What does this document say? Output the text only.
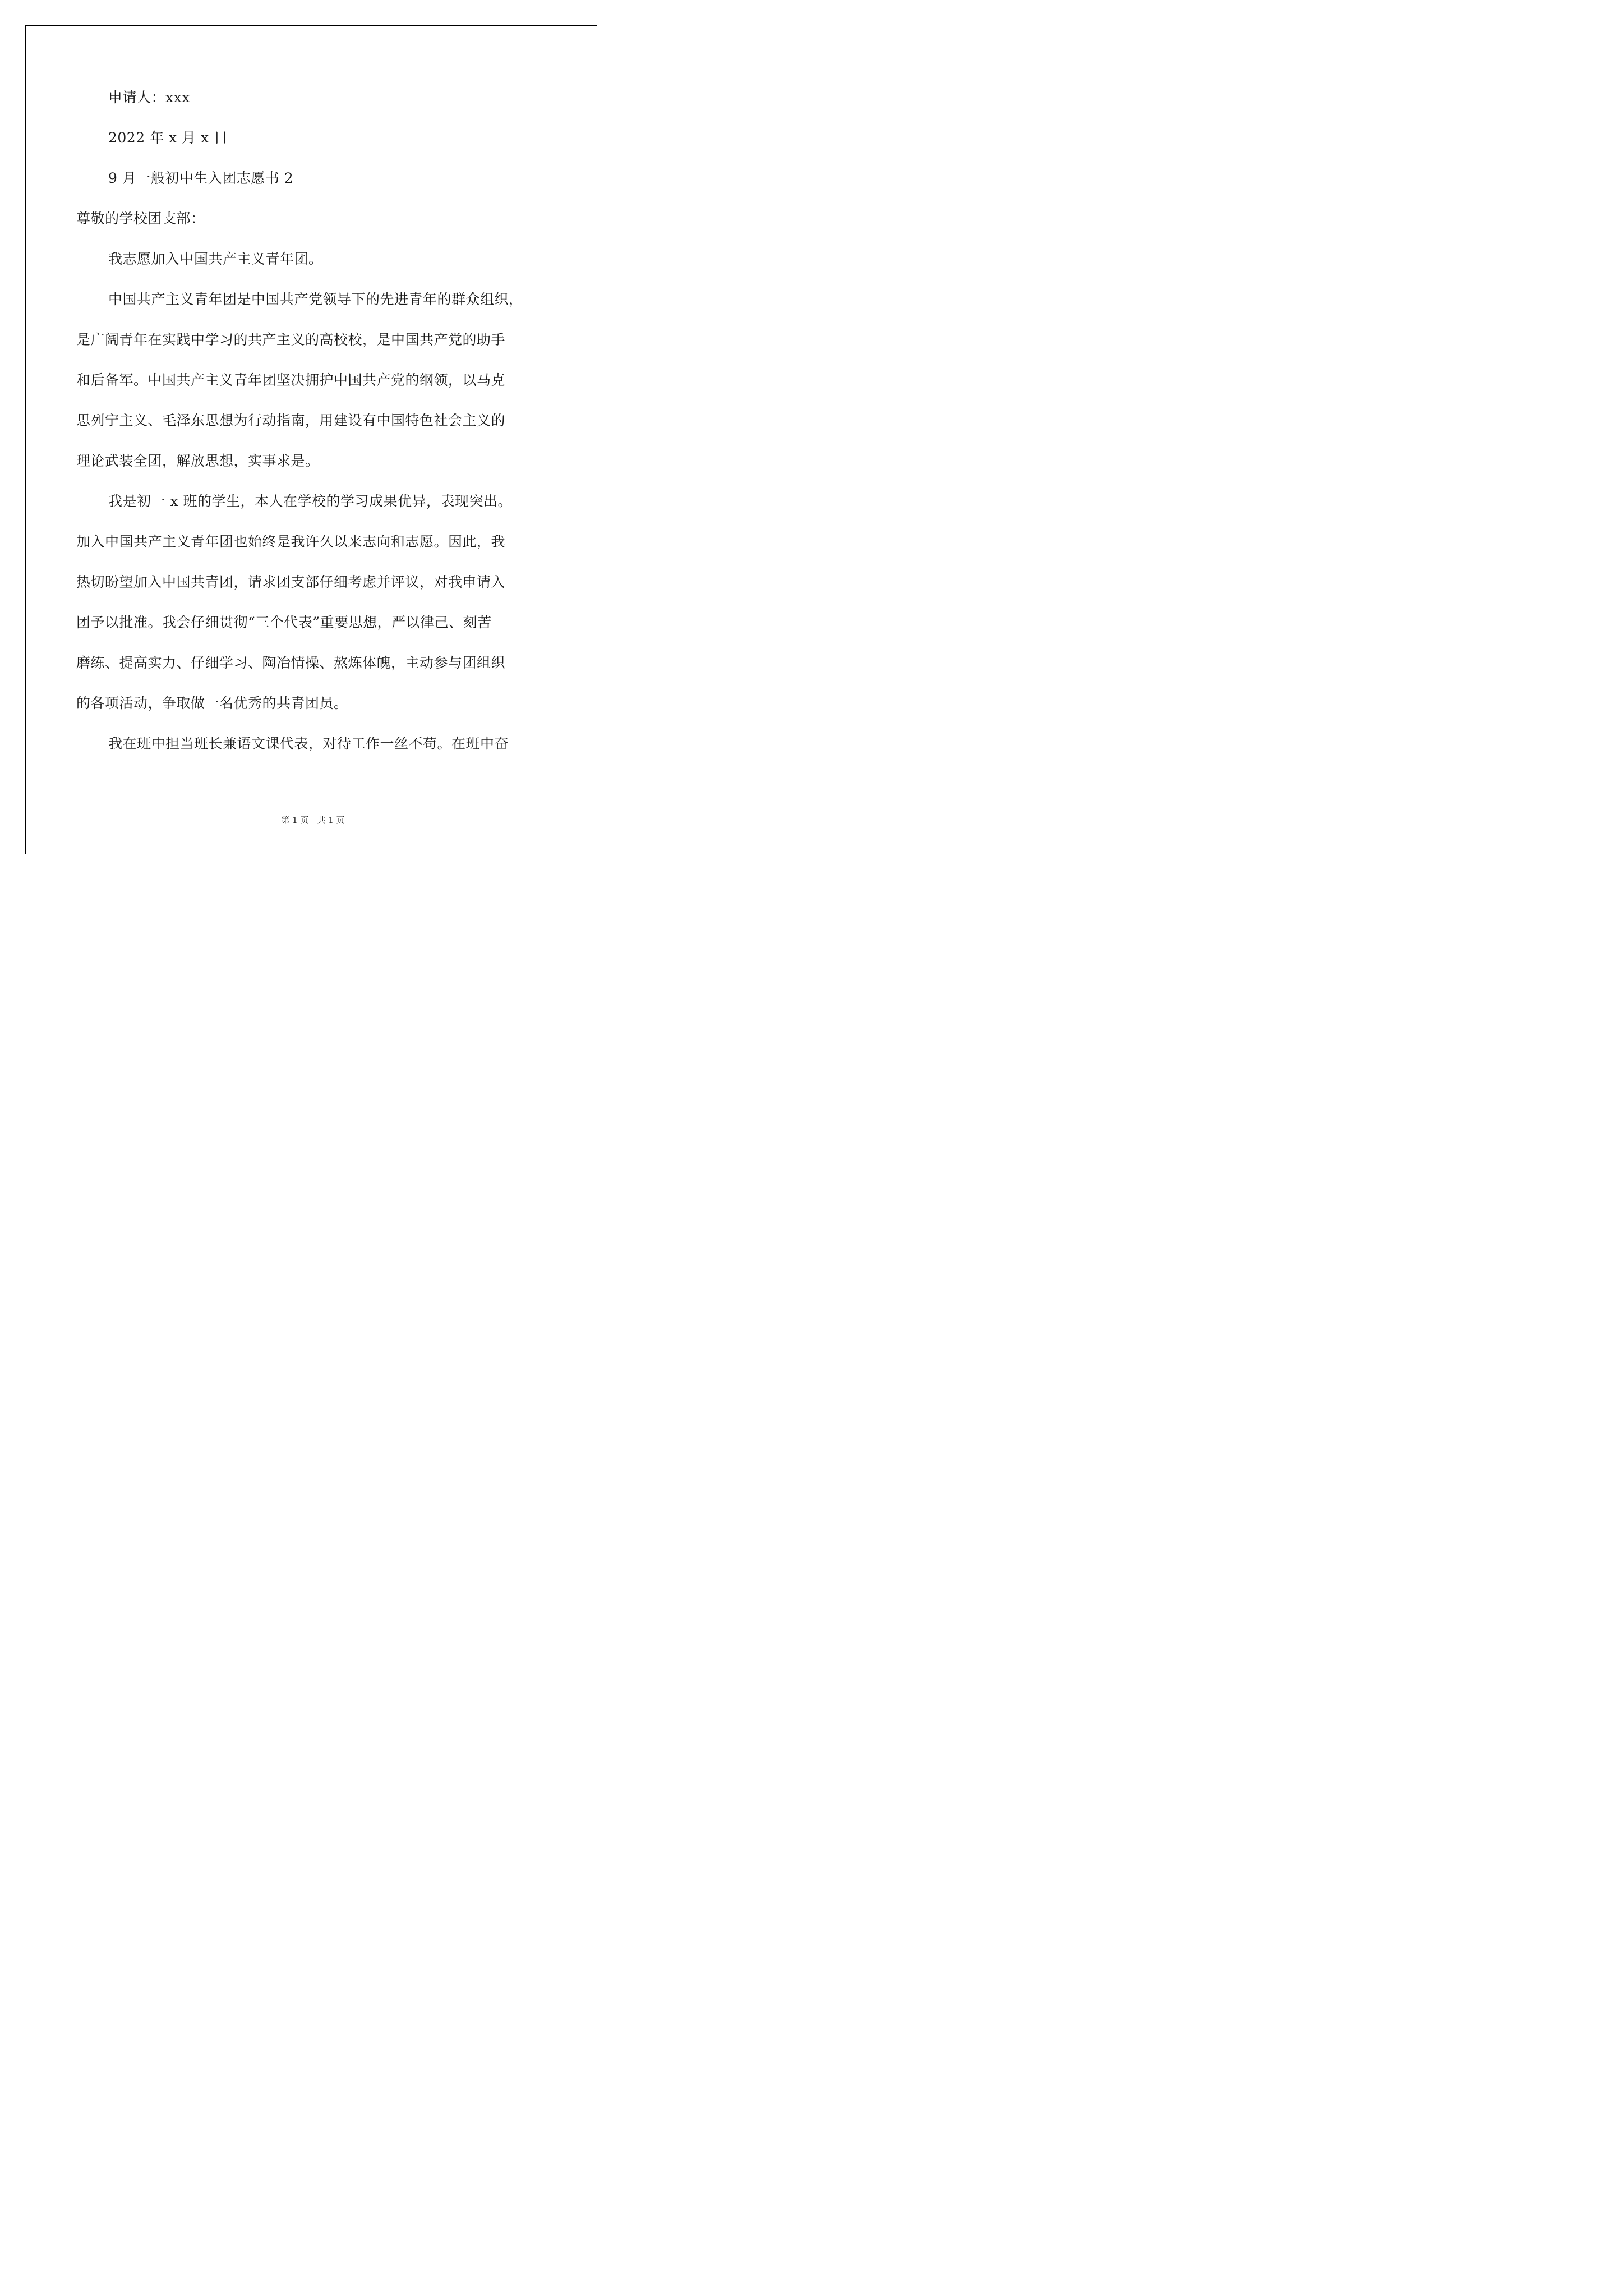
申请人：xxx

2022 年 x 月 x 日

9 月一般初中生入团志愿书 2

尊敬的学校团支部：

我志愿加入中国共产主义青年团。

中国共产主义青年团是中国共产党领导下的先进青年的群众组织，

是广阔青年在实践中学习的共产主义的高校校，是中国共产党的助手

和后备军。中国共产主义青年团坚决拥护中国共产党的纲领，以马克

思列宁主义、毛泽东思想为行动指南，用建设有中国特色社会主义的

理论武装全团，解放思想，实事求是。

我是初一 x 班的学生，本人在学校的学习成果优异，表现突出。

加入中国共产主义青年团也始终是我许久以来志向和志愿。因此，我

热切盼望加入中国共青团，请求团支部仔细考虑并评议，对我申请入

团予以批准。我会仔细贯彻“三个代表”重要思想，严以律己、刻苦

磨练、提高实力、仔细学习、陶冶情操、熬炼体魄，主动参与团组织

的各项活动，争取做一名优秀的共青团员。

我在班中担当班长兼语文课代表，对待工作一丝不苟。在班中奋

第 1 页　共 1 页
